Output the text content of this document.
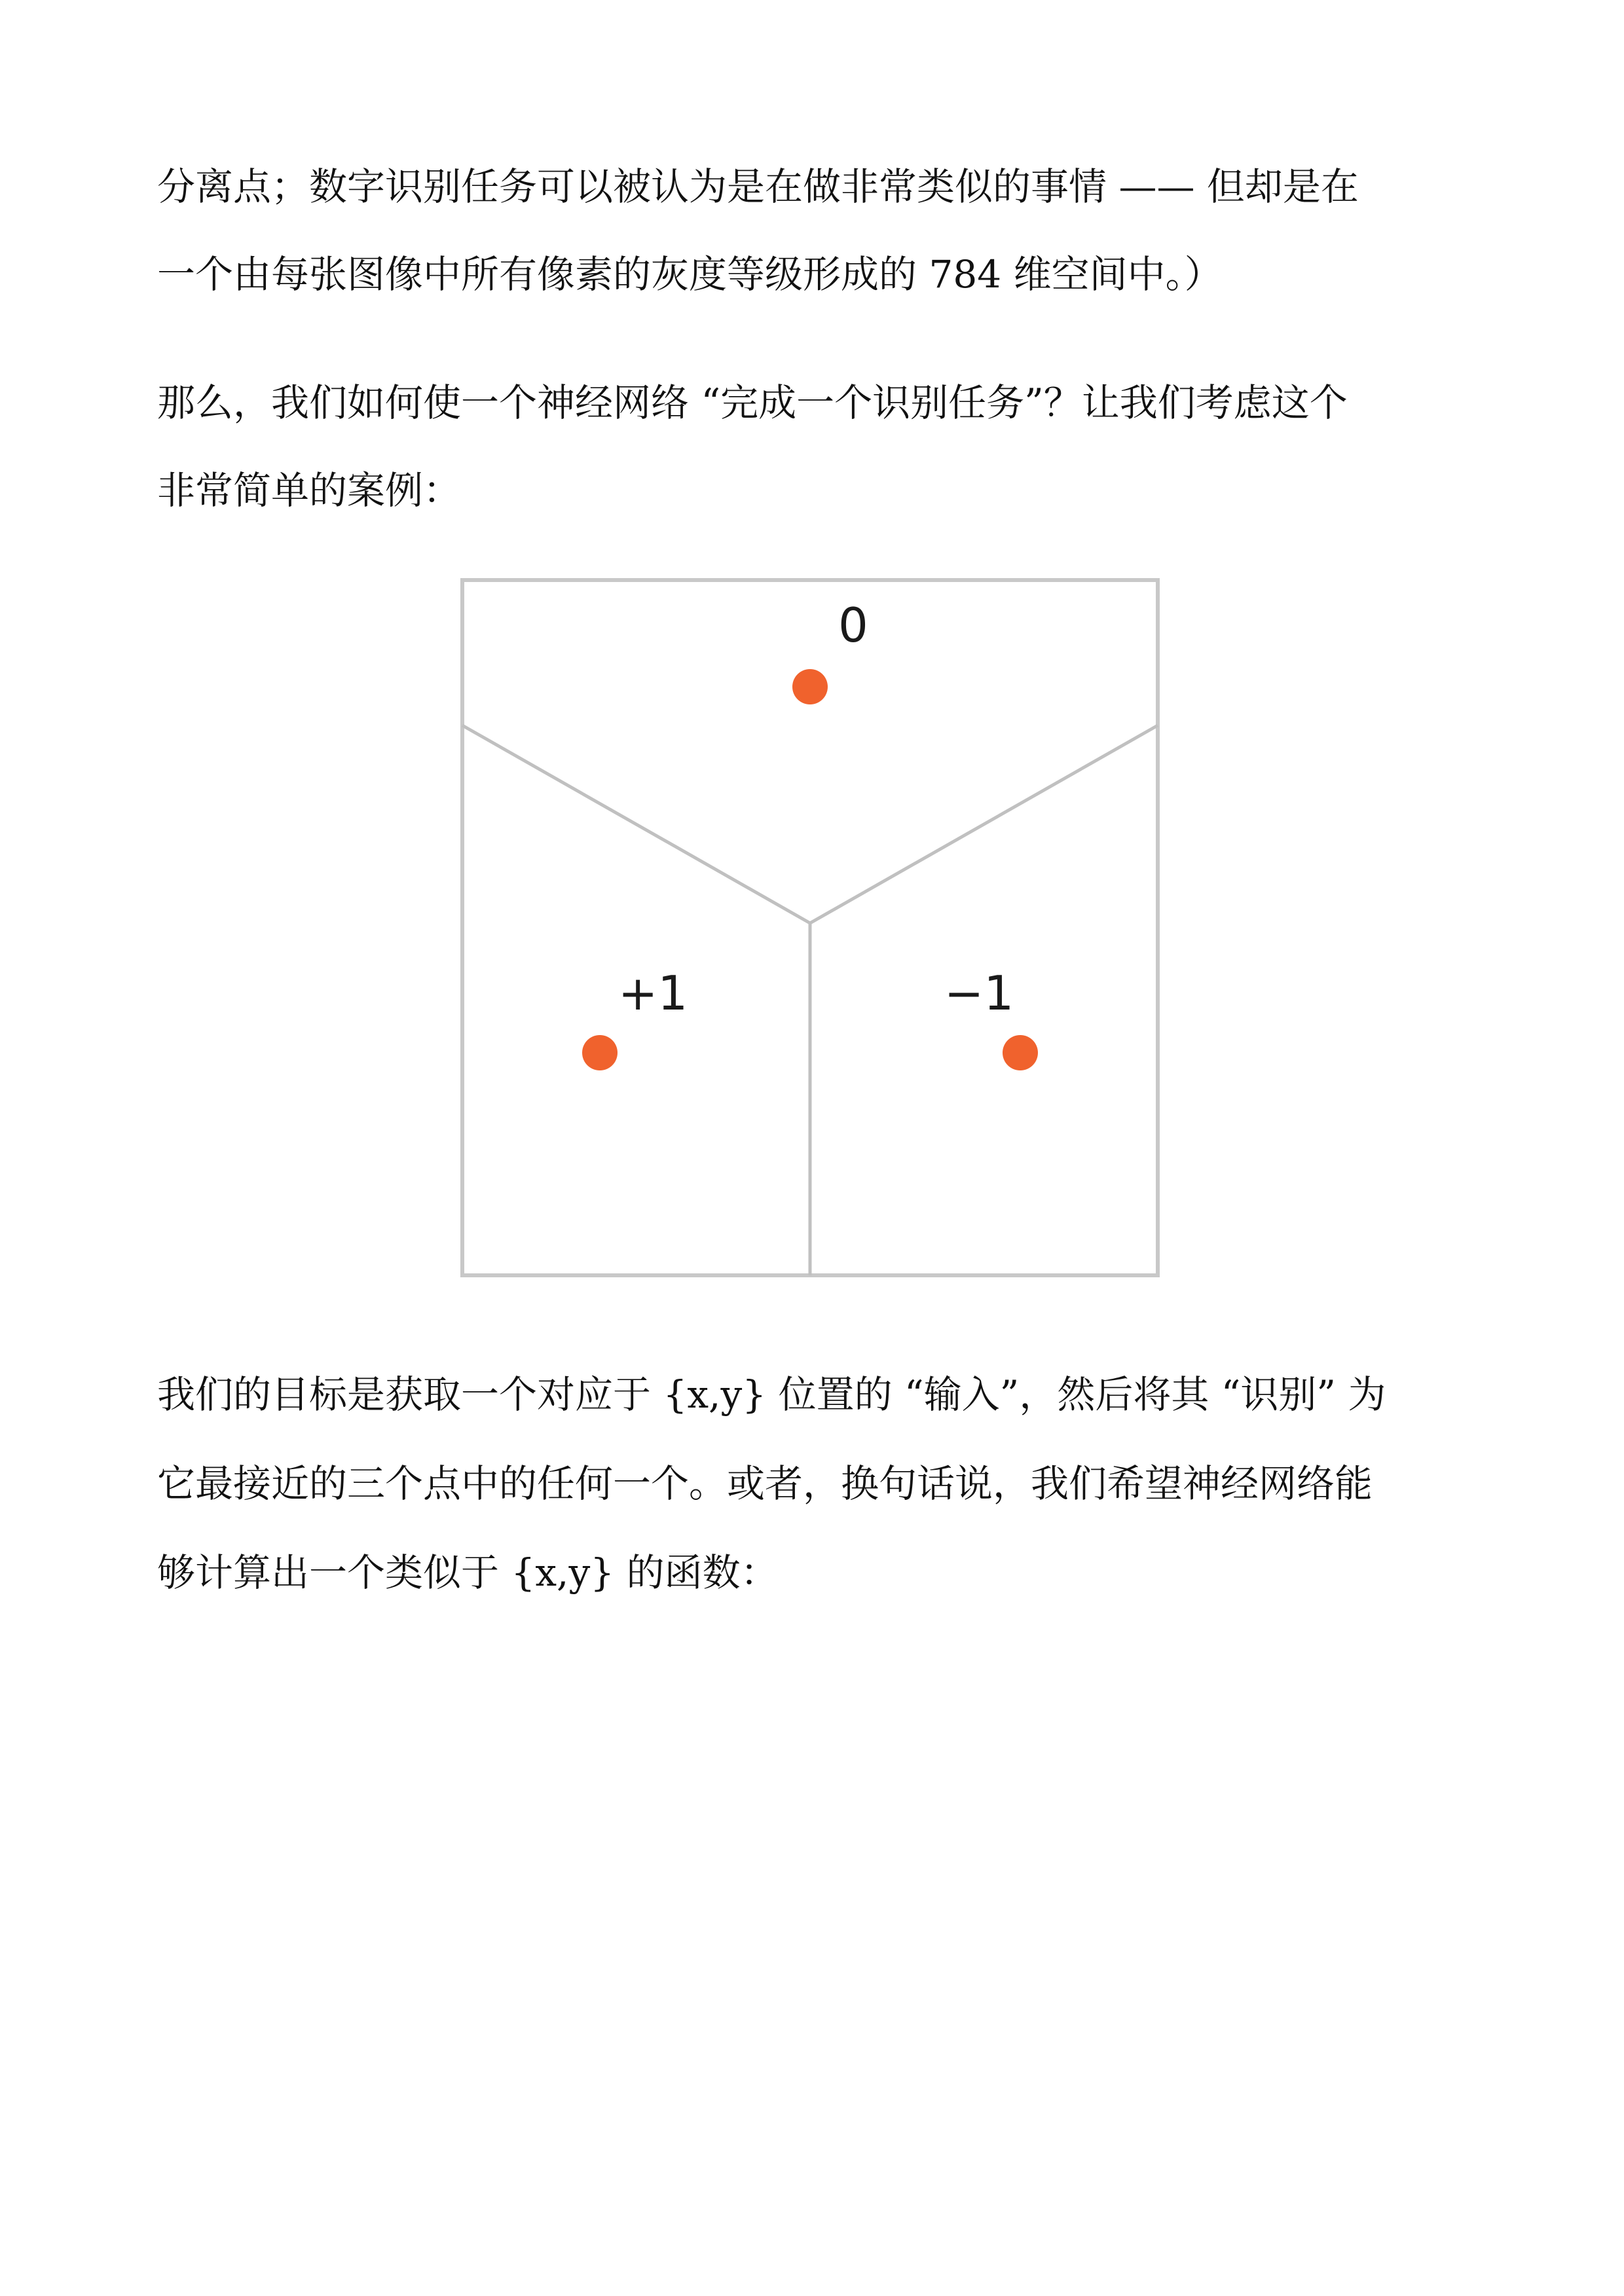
分离点；数字识别任务可以被认为是在做非常类似的事情 —— 但却是在
一个由每张图像中所有像素的灰度等级形成的 784 维空间中。）

那么，我们如何使一个神经网络 “完成一个识别任务”？让我们考虑这个
非常简单的案例：

0
+1	−1

我们的目标是获取一个对应于 {x,y} 位置的 “输入”，然后将其 “识别” 为
它最接近的三个点中的任何一个。或者，换句话说，我们希望神经网络能
够计算出一个类似于 {x,y} 的函数：
